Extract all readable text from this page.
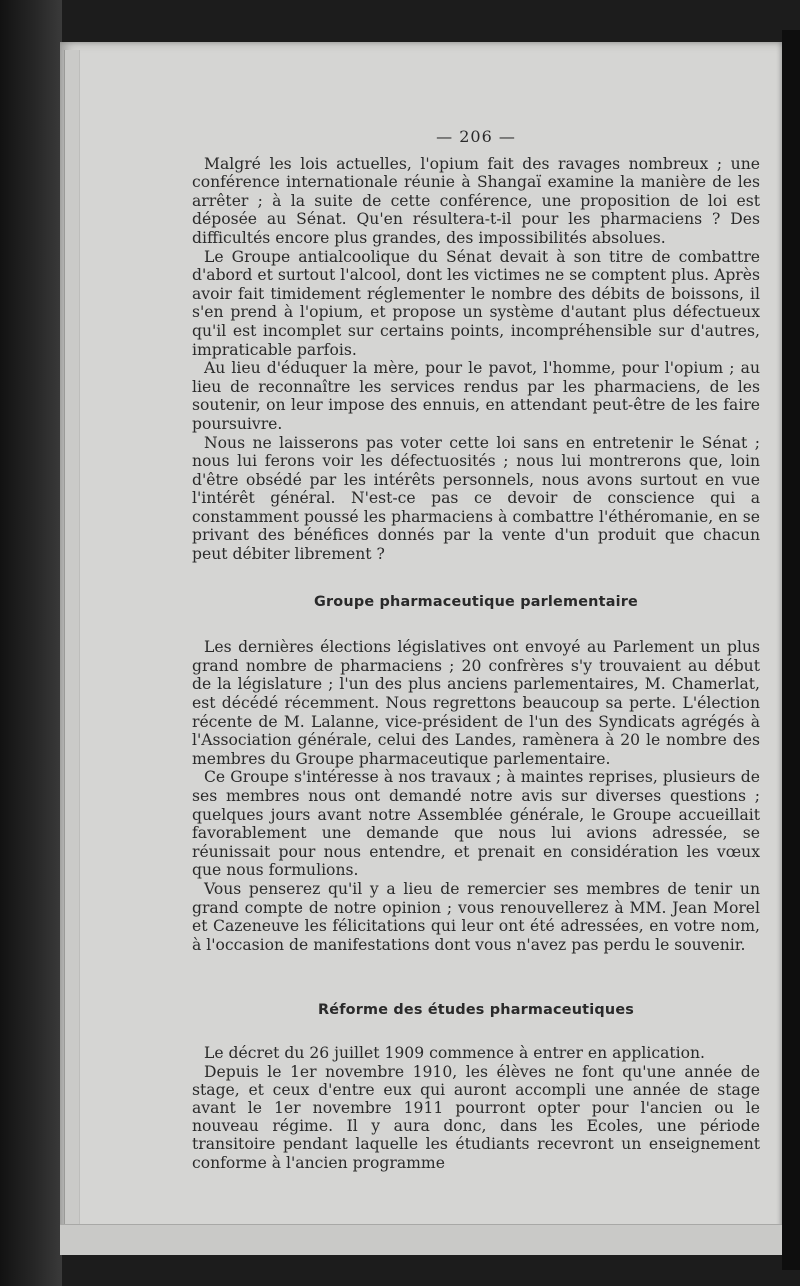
— 206 —

Malgré les lois actuelles, l'opium fait des ravages nombreux ; une conférence internationale réunie à Shangaï examine la manière de les arrêter ; à la suite de cette conférence, une proposition de loi est déposée au Sénat. Qu'en résultera-t-il pour les pharmaciens ? Des difficultés encore plus grandes, des impossibilités absolues.

Le Groupe antialcoolique du Sénat devait à son titre de combattre d'abord et surtout l'alcool, dont les victimes ne se comptent plus. Après avoir fait timidement réglementer le nombre des débits de boissons, il s'en prend à l'opium, et propose un système d'autant plus défectueux qu'il est incomplet sur certains points, incompréhensible sur d'autres, impraticable parfois.

Au lieu d'éduquer la mère, pour le pavot, l'homme, pour l'opium ; au lieu de reconnaître les services rendus par les pharmaciens, de les soutenir, on leur impose des ennuis, en attendant peut-être de les faire poursuivre.

Nous ne laisserons pas voter cette loi sans en entretenir le Sénat ; nous lui ferons voir les défectuosités ; nous lui montrerons que, loin d'être obsédé par les intérêts personnels, nous avons surtout en vue l'intérêt général. N'est-ce pas ce devoir de conscience qui a constamment poussé les pharmaciens à combattre l'éthéromanie, en se privant des bénéfices donnés par la vente d'un produit que chacun peut débiter librement ?

Groupe pharmaceutique parlementaire

Les dernières élections législatives ont envoyé au Parlement un plus grand nombre de pharmaciens ; 20 confrères s'y trouvaient au début de la législature ; l'un des plus anciens parlementaires, M. Chamerlat, est décédé récemment. Nous regrettons beaucoup sa perte. L'élection récente de M. Lalanne, vice-président de l'un des Syndicats agrégés à l'Association générale, celui des Landes, ramènera à 20 le nombre des membres du Groupe pharmaceutique parlementaire.

Ce Groupe s'intéresse à nos travaux ; à maintes reprises, plusieurs de ses membres nous ont demandé notre avis sur diverses questions ; quelques jours avant notre Assemblée générale, le Groupe accueillait favorablement une demande que nous lui avions adressée, se réunissait pour nous entendre, et prenait en considération les vœux que nous formulions.

Vous penserez qu'il y a lieu de remercier ses membres de tenir un grand compte de notre opinion ; vous renouvellerez à MM. Jean Morel et Cazeneuve les félicitations qui leur ont été adressées, en votre nom, à l'occasion de manifestations dont vous n'avez pas perdu le souvenir.

Réforme des études pharmaceutiques

Le décret du 26 juillet 1909 commence à entrer en application.

Depuis le 1er novembre 1910, les élèves ne font qu'une année de stage, et ceux d'entre eux qui auront accompli une année de stage avant le 1er novembre 1911 pourront opter pour l'ancien ou le nouveau régime. Il y aura donc, dans les Ecoles, une période transitoire pendant laquelle les étudiants recevront un enseignement conforme à l'ancien programme
